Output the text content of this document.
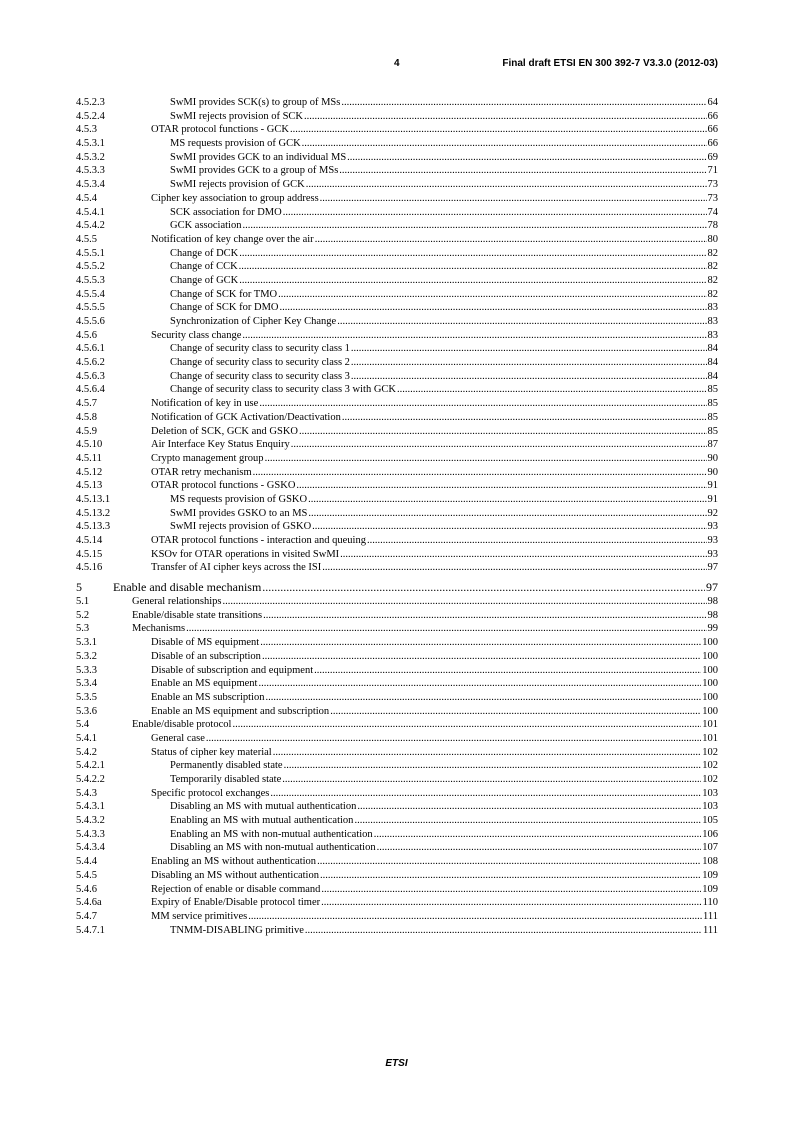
4	Final draft ETSI EN 300 392-7 V3.3.0 (2012-03)
4.5.2.3	SwMI provides SCK(s) to group of MSs .....	64
4.5.2.4	SwMI rejects provision of SCK .....	66
4.5.3	OTAR protocol functions - GCK .....	66
4.5.3.1	MS requests provision of GCK .....	66
4.5.3.2	SwMI provides GCK to an individual MS .....	69
4.5.3.3	SwMI provides GCK to a group of MSs .....	71
4.5.3.4	SwMI rejects provision of GCK .....	73
4.5.4	Cipher key association to group address .....	73
4.5.4.1	SCK association for DMO .....	74
4.5.4.2	GCK association .....	78
4.5.5	Notification of key change over the air .....	80
4.5.5.1	Change of DCK .....	82
4.5.5.2	Change of CCK .....	82
4.5.5.3	Change of GCK .....	82
4.5.5.4	Change of SCK for TMO .....	82
4.5.5.5	Change of SCK for DMO .....	83
4.5.5.6	Synchronization of Cipher Key Change .....	83
4.5.6	Security class change .....	83
4.5.6.1	Change of security class to security class 1 .....	84
4.5.6.2	Change of security class to security class 2 .....	84
4.5.6.3	Change of security class to security class 3 .....	84
4.5.6.4	Change of security class to security class 3 with GCK .....	85
4.5.7	Notification of key in use .....	85
4.5.8	Notification of GCK Activation/Deactivation .....	85
4.5.9	Deletion of SCK, GCK and GSKO .....	85
4.5.10	Air Interface Key Status Enquiry .....	87
4.5.11	Crypto management group .....	90
4.5.12	OTAR retry mechanism .....	90
4.5.13	OTAR protocol functions - GSKO .....	91
4.5.13.1	MS requests provision of GSKO .....	91
4.5.13.2	SwMI provides GSKO to an MS .....	92
4.5.13.3	SwMI rejects provision of GSKO .....	93
4.5.14	OTAR protocol functions - interaction and queuing .....	93
4.5.15	KSOv for OTAR operations in visited SwMI .....	93
4.5.16	Transfer of AI cipher keys across the ISI .....	97
5	Enable and disable mechanism .....	97
5.1	General relationships .....	98
5.2	Enable/disable state transitions .....	98
5.3	Mechanisms .....	99
5.3.1	Disable of MS equipment .....	100
5.3.2	Disable of an subscription .....	100
5.3.3	Disable of subscription and equipment .....	100
5.3.4	Enable an MS equipment .....	100
5.3.5	Enable an MS subscription .....	100
5.3.6	Enable an MS equipment and subscription .....	100
5.4	Enable/disable protocol .....	101
5.4.1	General case .....	101
5.4.2	Status of cipher key material .....	102
5.4.2.1	Permanently disabled state .....	102
5.4.2.2	Temporarily disabled state .....	102
5.4.3	Specific protocol exchanges .....	103
5.4.3.1	Disabling an MS with mutual authentication .....	103
5.4.3.2	Enabling an MS with mutual authentication .....	105
5.4.3.3	Enabling an MS with non-mutual authentication .....	106
5.4.3.4	Disabling an MS with non-mutual authentication .....	107
5.4.4	Enabling an MS without authentication .....	108
5.4.5	Disabling an MS without authentication .....	109
5.4.6	Rejection of enable or disable command .....	109
5.4.6a	Expiry of Enable/Disable protocol timer .....	110
5.4.7	MM service primitives .....	111
5.4.7.1	TNMM-DISABLING primitive .....	111
ETSI
